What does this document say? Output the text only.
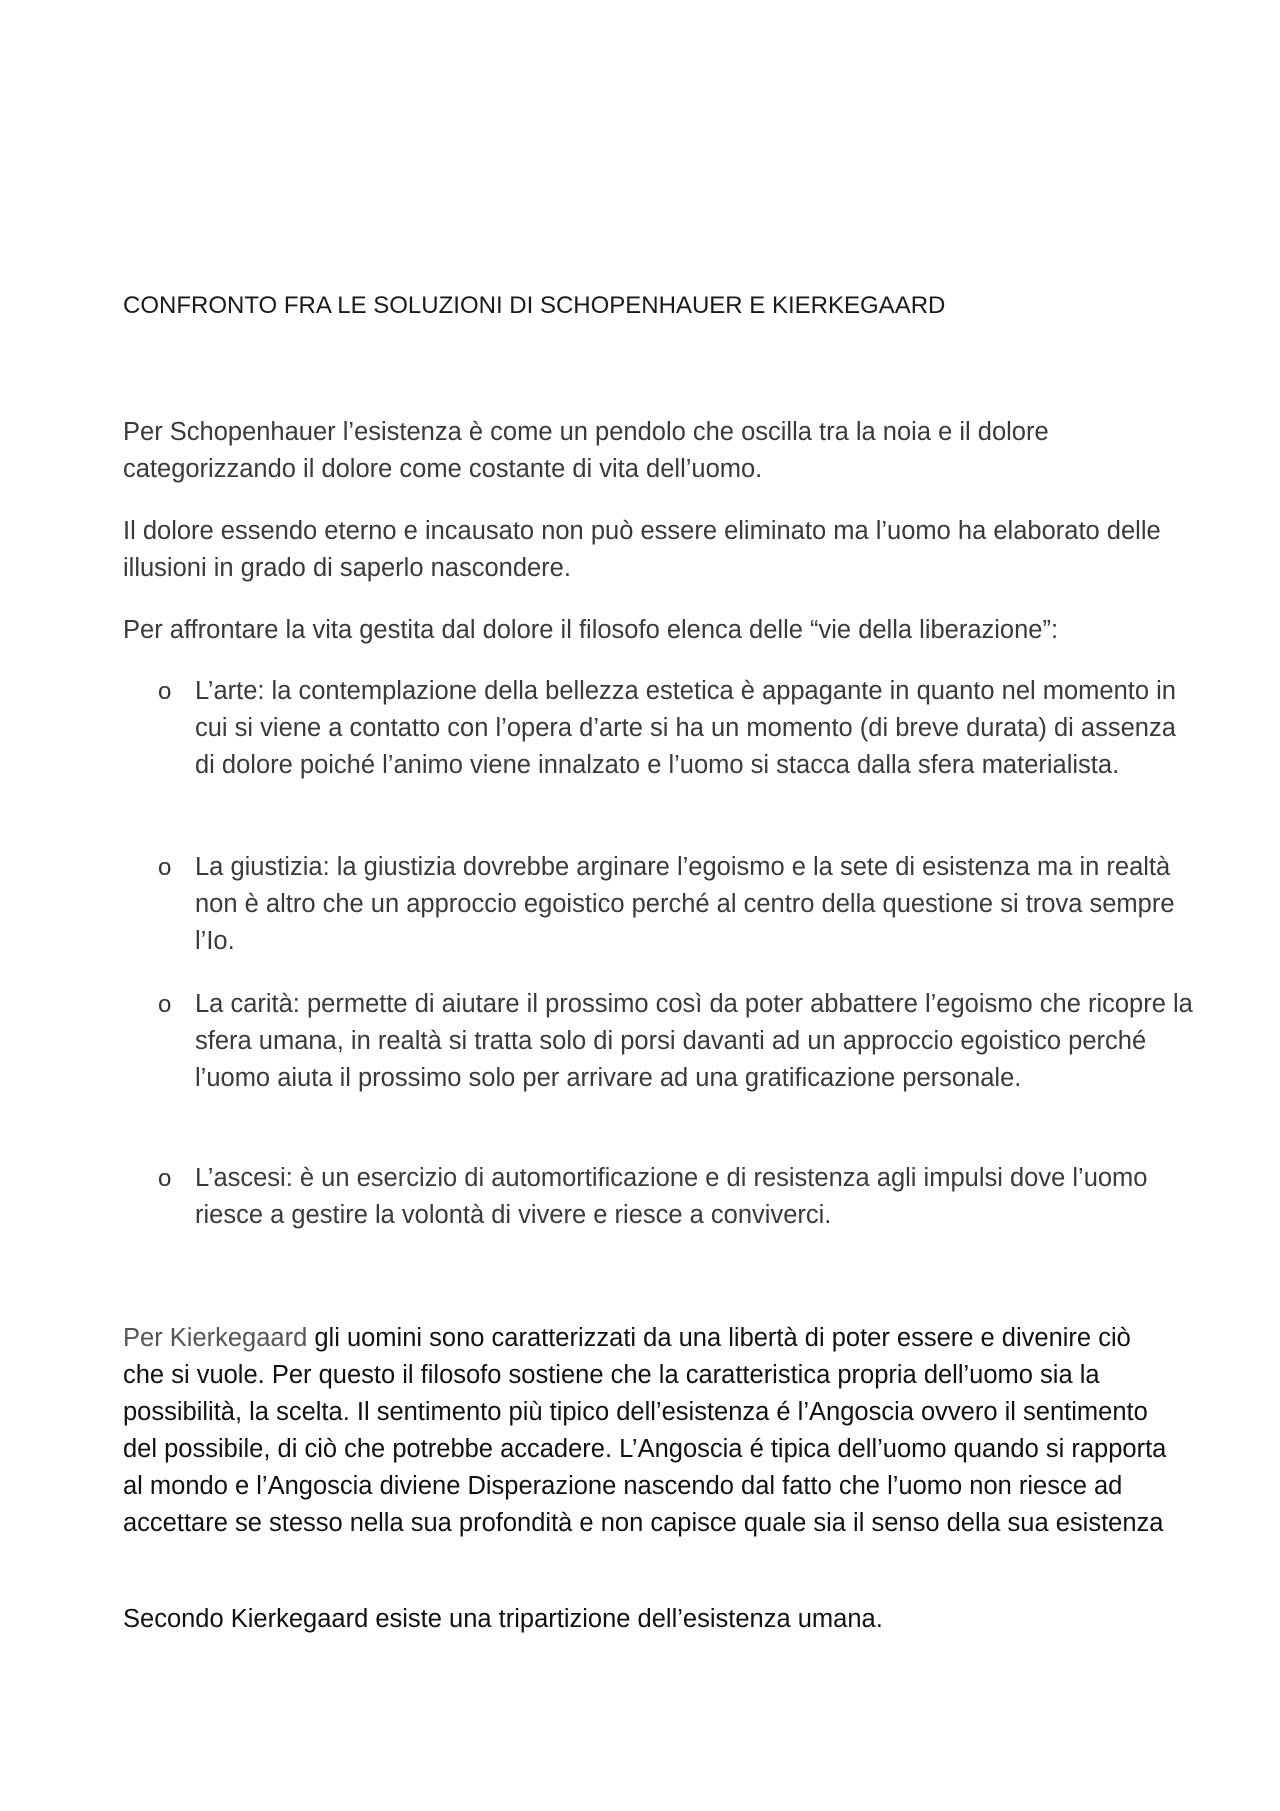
CONFRONTO FRA LE SOLUZIONI DI SCHOPENHAUER E KIERKEGAARD

Per Schopenhauer l’esistenza è come un pendolo che oscilla tra la noia e il dolore categorizzando il dolore come costante di vita dell’uomo.

Il dolore essendo eterno e incausato non può essere eliminato ma l’uomo ha elaborato delle illusioni in grado di saperlo nascondere.

Per affrontare la vita gestita dal dolore il filosofo elenca delle “vie della liberazione”:

o L’arte: la contemplazione della bellezza estetica è appagante in quanto nel momento in cui si viene a contatto con l’opera d’arte si ha un momento (di breve durata) di assenza di dolore poiché l’animo viene innalzato e l’uomo si stacca dalla sfera materialista.
o La giustizia: la giustizia dovrebbe arginare l’egoismo e la sete di esistenza ma in realtà non è altro che un approccio egoistico perché al centro della questione si trova sempre l’Io.
o La carità: permette di aiutare il prossimo così da poter abbattere l’egoismo che ricopre la sfera umana, in realtà si tratta solo di porsi davanti ad un approccio egoistico perché l’uomo aiuta il prossimo solo per arrivare ad una gratificazione personale.
o L’ascesi: è un esercizio di automortificazione e di resistenza agli impulsi dove l’uomo riesce a gestire la volontà di vivere e riesce a conviverci.

Per Kierkegaard gli uomini sono caratterizzati da una libertà di poter essere e divenire ciò che si vuole. Per questo il filosofo sostiene che la caratteristica propria dell’uomo sia la possibilità, la scelta. Il sentimento più tipico dell’esistenza é l’Angoscia ovvero il sentimento del possibile, di ciò che potrebbe accadere. L’Angoscia é tipica dell’uomo quando si rapporta al mondo e l’Angoscia diviene Disperazione nascendo dal fatto che l’uomo non riesce ad accettare se stesso nella sua profondità e non capisce quale sia il senso della sua esistenza

Secondo Kierkegaard esiste una tripartizione dell’esistenza umana.
